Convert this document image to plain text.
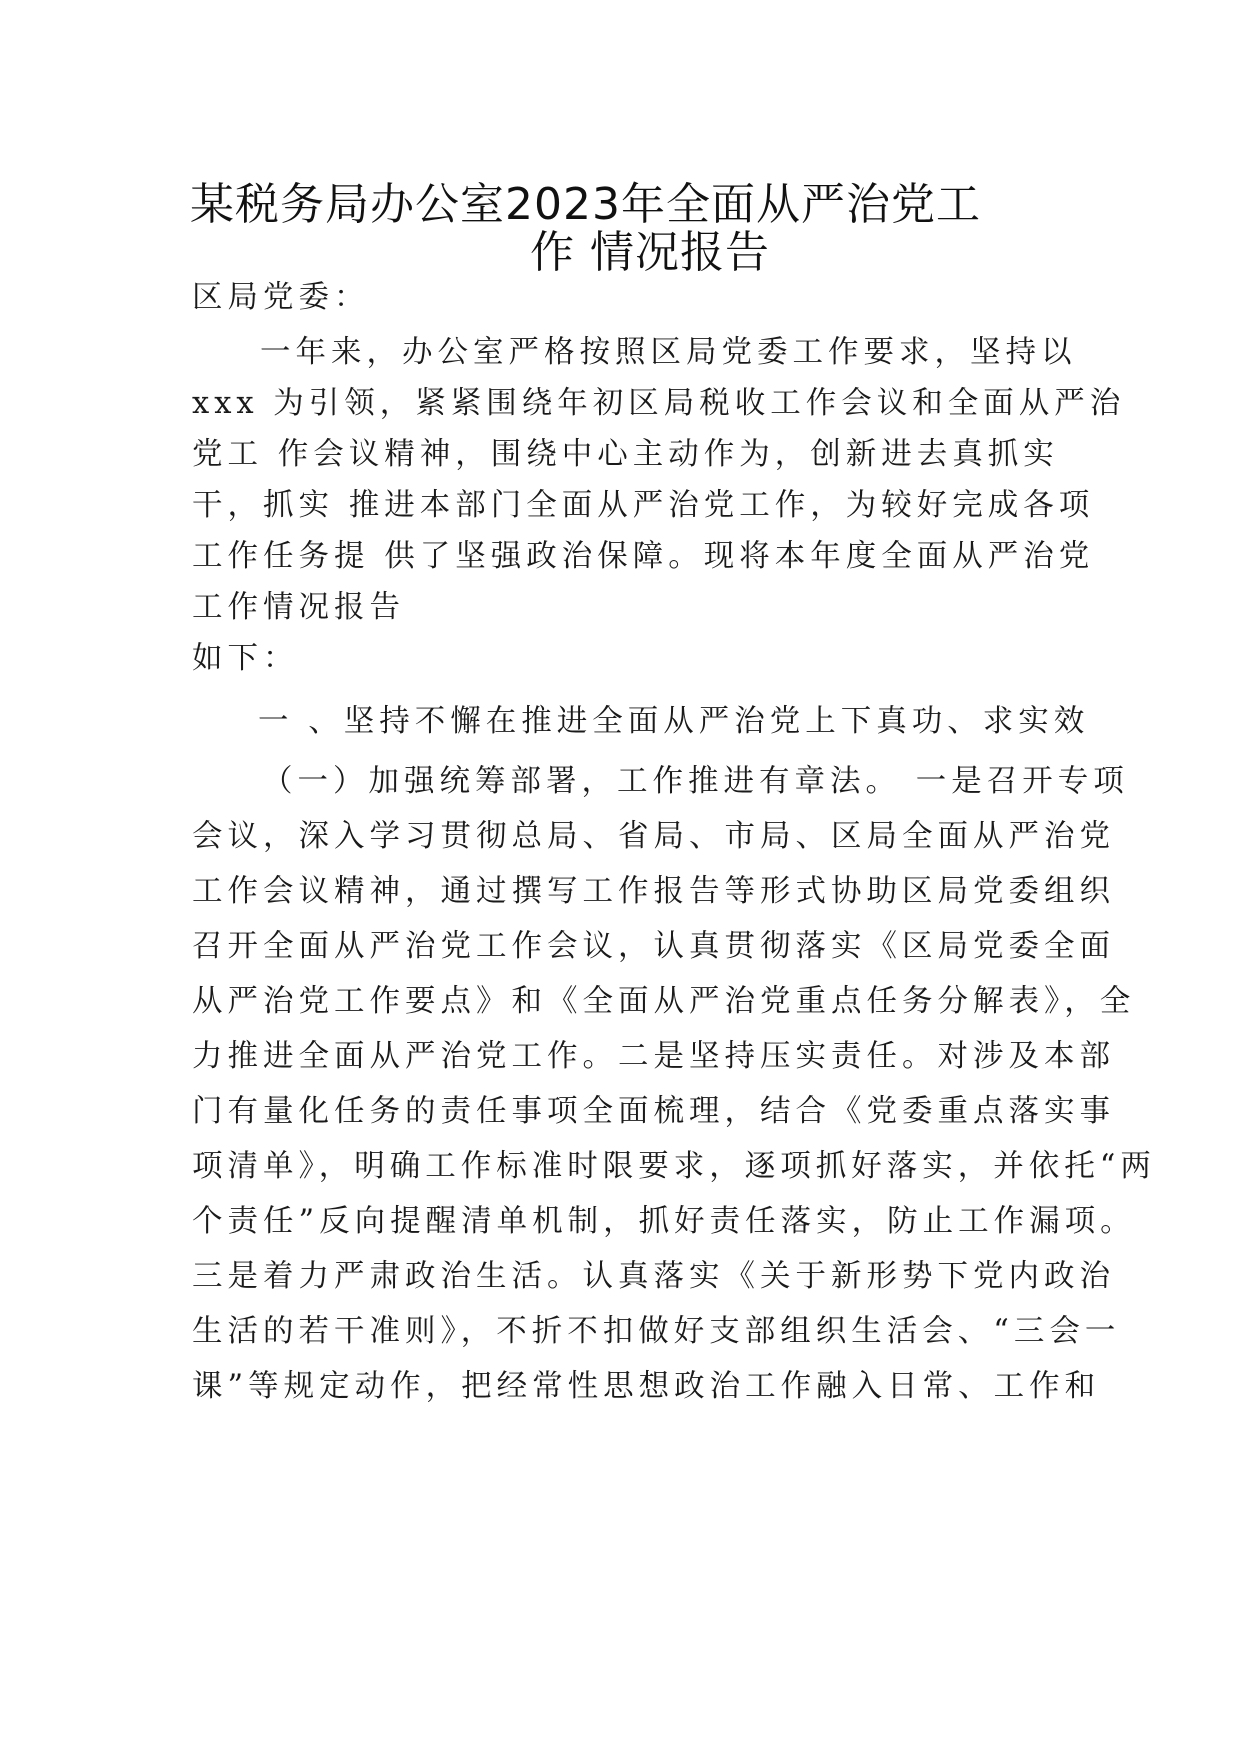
某税务局办公室2023年全面从严治党工
作 情况报告
区局党委：
一年来，办公室严格按照区局党委工作要求，坚持以
xxx 为引领，紧紧围绕年初区局税收工作会议和全面从严治
党工 作会议精神，围绕中心主动作为，创新进去真抓实
干，抓实 推进本部门全面从严治党工作，为较好完成各项
工作任务提 供了坚强政治保障。现将本年度全面从严治党
工作情况报告
如下：
一 、坚持不懈在推进全面从严治党上下真功、求实效
（一）加强统筹部署，工作推进有章法。 一是召开专项
会议，深入学习贯彻总局、省局、市局、区局全面从严治党
工作会议精神，通过撰写工作报告等形式协助区局党委组织
召开全面从严治党工作会议，认真贯彻落实《区局党委全面
从严治党工作要点》和《全面从严治党重点任务分解表》，全
力推进全面从严治党工作。二是坚持压实责任。对涉及本部
门有量化任务的责任事项全面梳理，结合《党委重点落实事
项清单》，明确工作标准时限要求，逐项抓好落实，并依托“两
个责任”反向提醒清单机制，抓好责任落实，防止工作漏项。
三是着力严肃政治生活。认真落实《关于新形势下党内政治
生活的若干准则》，不折不扣做好支部组织生活会、“三会一
课”等规定动作，把经常性思想政治工作融入日常、工作和
